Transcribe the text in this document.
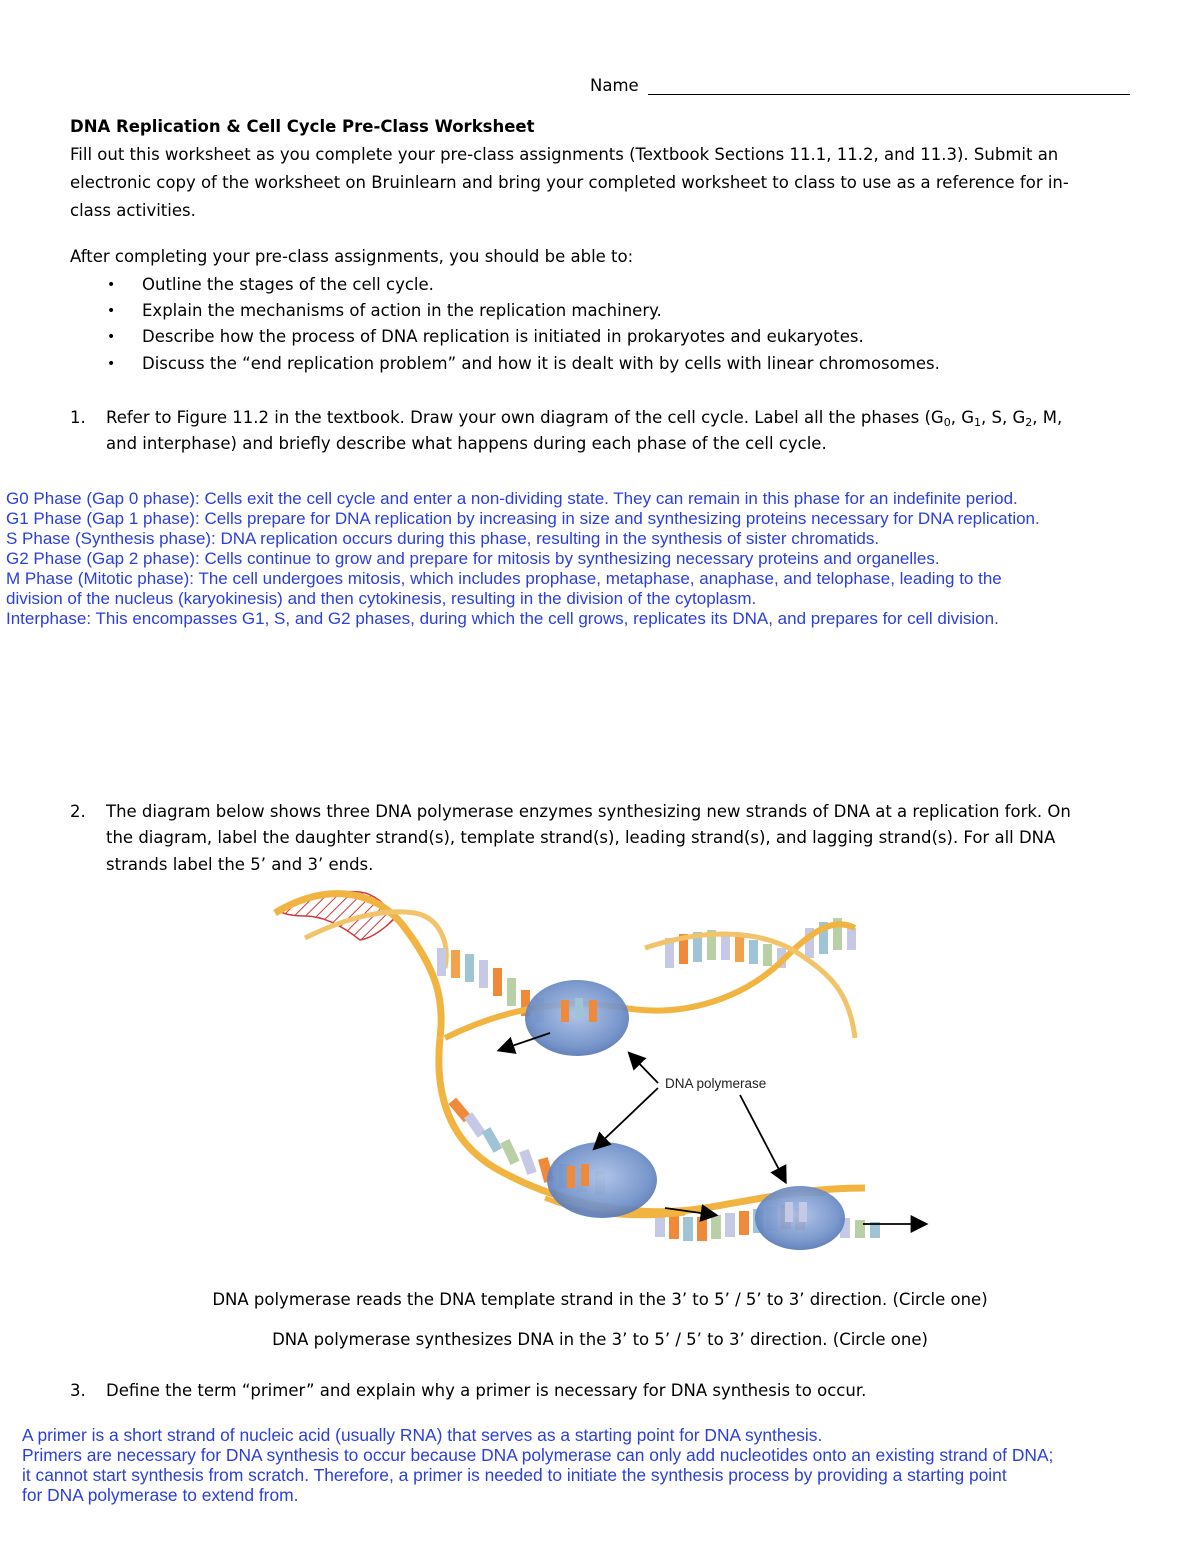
Name
DNA Replication & Cell Cycle Pre-Class Worksheet
Fill out this worksheet as you complete your pre-class assignments (Textbook Sections 11.1, 11.2, and 11.3). Submit an
electronic copy of the worksheet on Bruinlearn and bring your completed worksheet to class to use as a reference for in-
class activities.
After completing your pre-class assignments, you should be able to:
• Outline the stages of the cell cycle.
• Explain the mechanisms of action in the replication machinery.
• Describe how the process of DNA replication is initiated in prokaryotes and eukaryotes.
• Discuss the “end replication problem” and how it is dealt with by cells with linear chromosomes.
1. Refer to Figure 11.2 in the textbook. Draw your own diagram of the cell cycle. Label all the phases ($G_0$, $G_1$, S, $G_2$, M,
and interphase) and briefly describe what happens during each phase of the cell cycle.
G0 Phase (Gap 0 phase): Cells exit the cell cycle and enter a non-dividing state. They can remain in this phase for an indefinite period.
G1 Phase (Gap 1 phase): Cells prepare for DNA replication by increasing in size and synthesizing proteins necessary for DNA replication.
S Phase (Synthesis phase): DNA replication occurs during this phase, resulting in the synthesis of sister chromatids.
G2 Phase (Gap 2 phase): Cells continue to grow and prepare for mitosis by synthesizing necessary proteins and organelles.
M Phase (Mitotic phase): The cell undergoes mitosis, which includes prophase, metaphase, anaphase, and telophase, leading to the
division of the nucleus (karyokinesis) and then cytokinesis, resulting in the division of the cytoplasm.
Interphase: This encompasses G1, S, and G2 phases, during which the cell grows, replicates its DNA, and prepares for cell division.
2. The diagram below shows three DNA polymerase enzymes synthesizing new strands of DNA at a replication fork. On
the diagram, label the daughter strand(s), template strand(s), leading strand(s), and lagging strand(s). For all DNA
strands label the 5’ and 3’ ends.
DNA polymerase
DNA polymerase reads the DNA template strand in the 3’ to 5’ / 5’ to 3’ direction. (Circle one)
DNA polymerase synthesizes DNA in the 3’ to 5’ / 5’ to 3’ direction. (Circle one)
3. Define the term “primer” and explain why a primer is necessary for DNA synthesis to occur.
A primer is a short strand of nucleic acid (usually RNA) that serves as a starting point for DNA synthesis.
Primers are necessary for DNA synthesis to occur because DNA polymerase can only add nucleotides onto an existing strand of DNA;
it cannot start synthesis from scratch. Therefore, a primer is needed to initiate the synthesis process by providing a starting point
for DNA polymerase to extend from.
